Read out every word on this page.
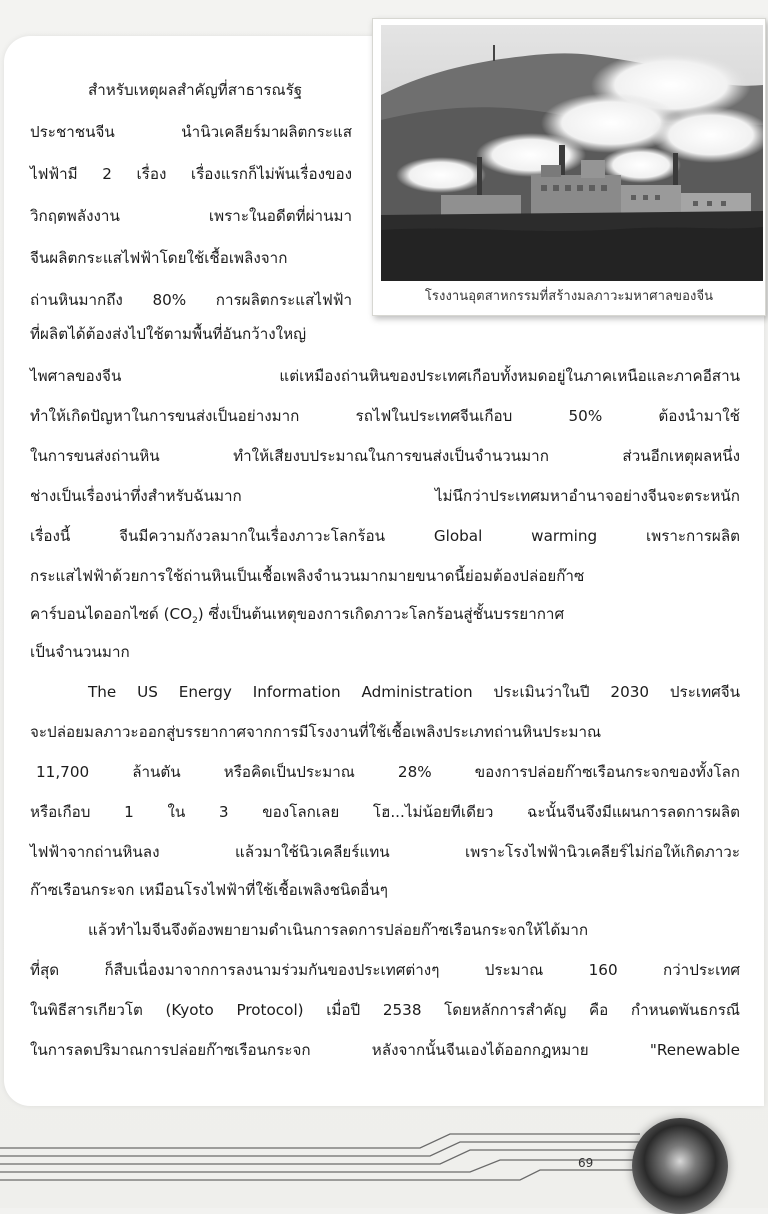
โรงงานอุตสาหกรรมที่สร้างมลภาวะมหาศาลของจีน
สำหรับเหตุผลสำคัญที่สาธารณรัฐ
ประชาชนจีน นำนิวเคลียร์มาผลิตกระแส
ไฟฟ้ามี 2 เรื่อง เรื่องแรกก็ไม่พ้นเรื่องของ
วิกฤตพลังงาน เพราะในอดีตที่ผ่านมา
จีนผลิตกระแสไฟฟ้าโดยใช้เชื้อเพลิงจาก
ถ่านหินมากถึง 80% การผลิตกระแสไฟฟ้า
ที่ผลิตได้ต้องส่งไปใช้ตามพื้นที่อันกว้างใหญ่
ไพศาลของจีน แต่เหมืองถ่านหินของประเทศเกือบทั้งหมดอยู่ในภาคเหนือและภาคอีสาน
ทำให้เกิดปัญหาในการขนส่งเป็นอย่างมาก รถไฟในประเทศจีนเกือบ 50% ต้องนำมาใช้
ในการขนส่งถ่านหิน ทำให้เสียงบประมาณในการขนส่งเป็นจำนวนมาก ส่วนอีกเหตุผลหนึ่ง
ช่างเป็นเรื่องน่าทึ่งสำหรับฉันมาก ไม่นึกว่าประเทศมหาอำนาจอย่างจีนจะตระหนัก
เรื่องนี้ จีนมีความกังวลมากในเรื่องภาวะโลกร้อน Global warming เพราะการผลิต
กระแสไฟฟ้าด้วยการใช้ถ่านหินเป็นเชื้อเพลิงจำนวนมากมายขนาดนี้ย่อมต้องปล่อยก๊าซ
คาร์บอนไดออกไซด์ $(CO_2)$ ซึ่งเป็นต้นเหตุของการเกิดภาวะโลกร้อนสู่ชั้นบรรยากาศ
เป็นจำนวนมาก
The US Energy Information Administration ประเมินว่าในปี 2030 ประเทศจีน
จะปล่อยมลภาวะออกสู่บรรยากาศจากการมีโรงงานที่ใช้เชื้อเพลิงประเภทถ่านหินประมาณ
11,700 ล้านตัน หรือคิดเป็นประมาณ 28% ของการปล่อยก๊าซเรือนกระจกของทั้งโลก
หรือเกือบ 1 ใน 3 ของโลกเลย โฮ...ไม่น้อยทีเดียว ฉะนั้นจีนจึงมีแผนการลดการผลิต
ไฟฟ้าจากถ่านหินลง แล้วมาใช้นิวเคลียร์แทน เพราะโรงไฟฟ้านิวเคลียร์ไม่ก่อให้เกิดภาวะ
ก๊าซเรือนกระจก เหมือนโรงไฟฟ้าที่ใช้เชื้อเพลิงชนิดอื่นๆ
แล้วทำไมจีนจึงต้องพยายามดำเนินการลดการปล่อยก๊าซเรือนกระจกให้ได้มาก
ที่สุด ก็สืบเนื่องมาจากการลงนามร่วมกันของประเทศต่างๆ ประมาณ 160 กว่าประเทศ
ในพิธีสารเกียวโต (Kyoto Protocol) เมื่อปี 2538 โดยหลักการสำคัญ คือ กำหนดพันธกรณี
ในการลดปริมาณการปล่อยก๊าซเรือนกระจก หลังจากนั้นจีนเองได้ออกกฎหมาย "Renewable
69
